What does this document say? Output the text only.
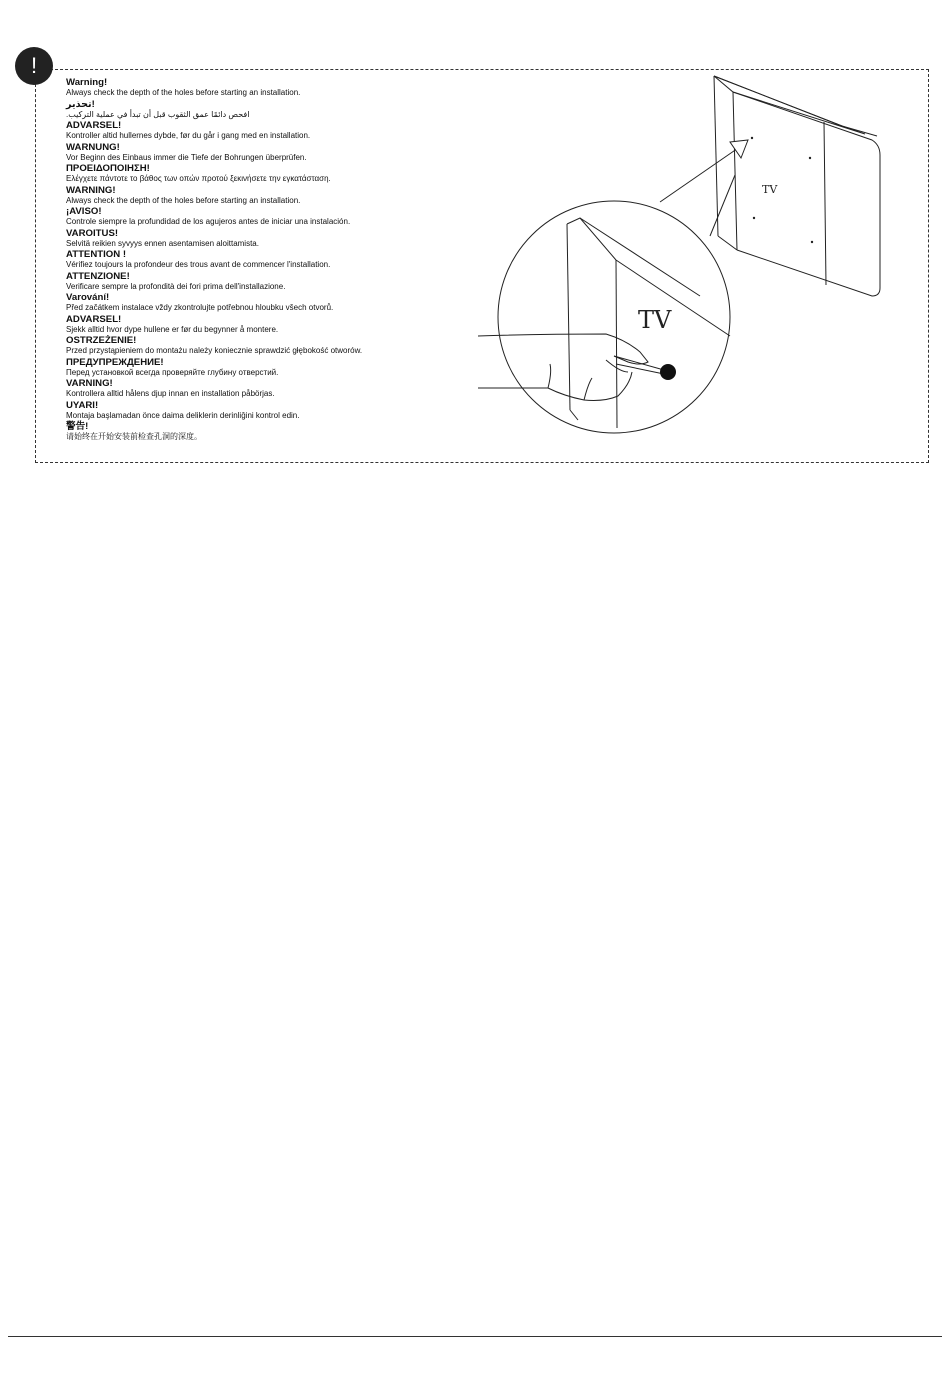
!

Warning!

Always check the depth of the holes before starting an installation.

!تحذير

افحص دائمًا عمق الثقوب قبل أن تبدأ في عملية التركيب.

ADVARSEL!

Kontroller altid hullernes dybde, før du går i gang med en installation.

WARNUNG!

Vor Beginn des Einbaus immer die Tiefe der Bohrungen überprüfen.

ΠΡΟΕΙΔΟΠΟΙΗΣΗ!

Ελέγχετε πάντοτε το βάθος των οπών προτού ξεκινήσετε την εγκατάσταση.

WARNING!

Always check the depth of the holes before starting an installation.

¡AVISO!

Controle siempre la profundidad de los agujeros antes de iniciar una instalación.

VAROITUS!

Selvitä reikien syvyys ennen asentamisen aloittamista.

ATTENTION !

Vérifiez toujours la profondeur des trous avant de commencer l'installation.

ATTENZIONE!

Verificare sempre la profondità dei fori prima dell'installazione.

Varování!

Před začátkem instalace vždy zkontrolujte potřebnou hloubku všech otvorů.

ADVARSEL!

Sjekk alltid hvor dype hullene er før du begynner å montere.

OSTRZEŻENIE!

Przed przystąpieniem do montażu należy koniecznie sprawdzić głębokość otworów.

ПРЕДУПРЕЖДЕНИЕ!

Перед установкой всегда проверяйте глубину отверстий.

VARNING!

Kontrollera alltid hålens djup innan en installation påbörjas.

UYARI!

Montaja başlamadan önce daima deliklerin derinliğini kontrol edin.

警告!

请始终在开始安装前检查孔洞的深度。

TV
TV
